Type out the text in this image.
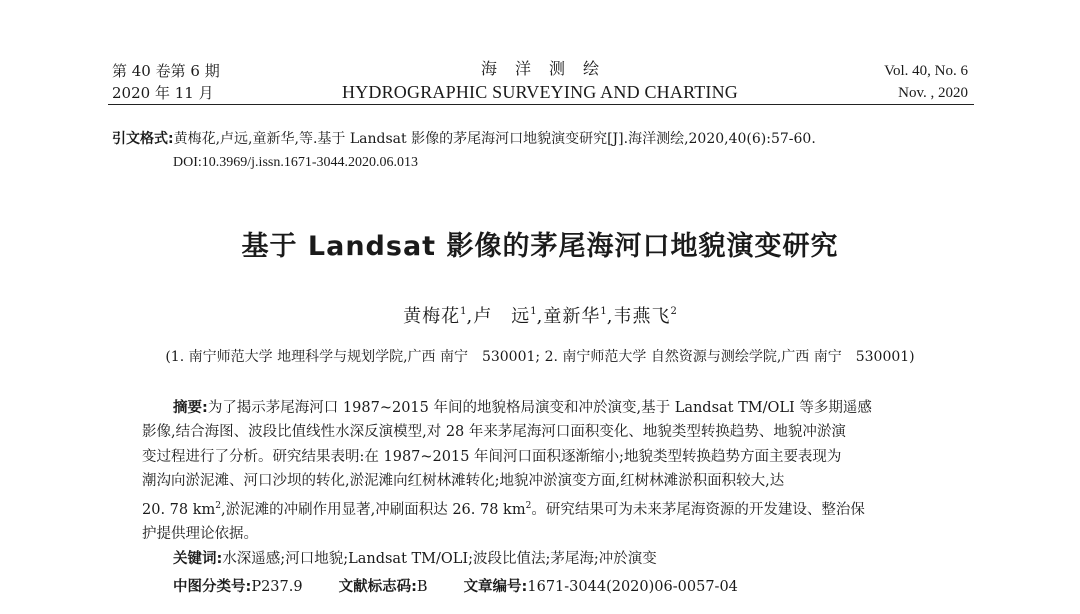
第 40 卷第 6 期
2020 年 11 月
海洋测绘
HYDROGRAPHIC SURVEYING AND CHARTING
Vol. 40, No. 6
Nov. , 2020
引文格式:黄梅花,卢远,童新华,等.基于 Landsat 影像的茅尾海河口地貌演变研究[J].海洋测绘,2020,40(6):57-60.
DOI:10.3969/j.issn.1671-3044.2020.06.013
基于 Landsat 影像的茅尾海河口地貌演变研究
黄梅花$^1$,卢　远$^1$,童新华$^1$,韦燕飞$^2$
(1. 南宁师范大学 地理科学与规划学院,广西 南宁　530001; 2. 南宁师范大学 自然资源与测绘学院,广西 南宁　530001)
摘要:为了揭示茅尾海河口 1987~2015 年间的地貌格局演变和冲於演变,基于 Landsat TM/OLI 等多期遥感
影像,结合海图、波段比值线性水深反演模型,对 28 年来茅尾海河口面积变化、地貌类型转换趋势、地貌冲淤演
变过程进行了分析。研究结果表明:在 1987~2015 年间河口面积逐渐缩小;地貌类型转换趋势方面主要表现为
潮沟向淤泥滩、河口沙坝的转化,淤泥滩向红树林滩转化;地貌冲淤演变方面,红树林滩淤积面积较大,达
20. 78 $km^2$,淤泥滩的冲刷作用显著,冲刷面积达 26. 78 $km^2$。研究结果可为未来茅尾海资源的开发建设、整治保
护提供理论依据。
关键词:水深遥感;河口地貌;Landsat TM/OLI;波段比值法;茅尾海;冲於演变
中图分类号:P237.9 文献标志码:B 文章编号:1671-3044(2020)06-0057-04
